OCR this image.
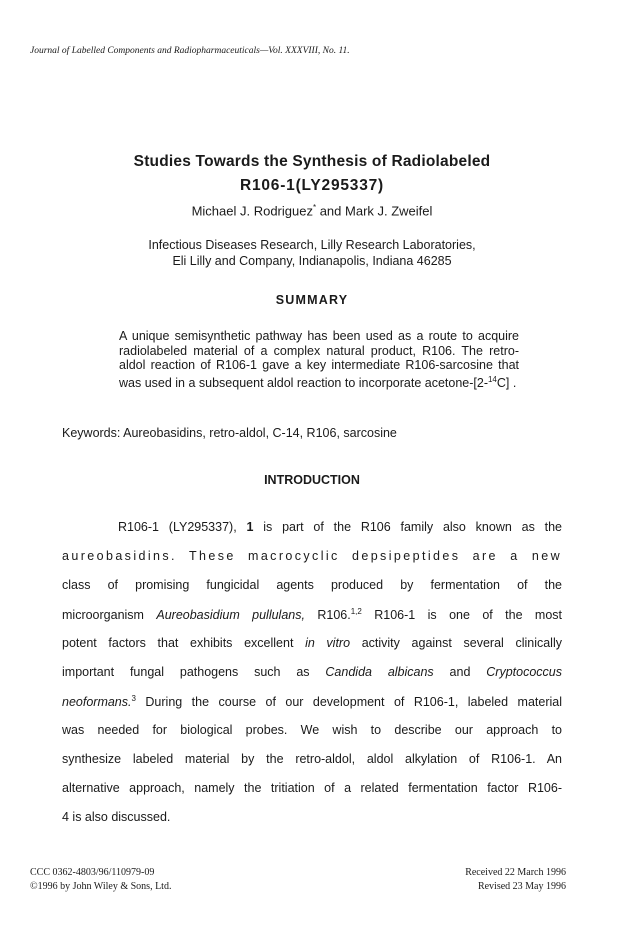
Journal of Labelled Components and Radiopharmaceuticals—Vol. XXXVIII, No. 11.
Studies Towards the Synthesis of Radiolabeled
R106-1(LY295337)
Michael J. Rodriguez* and Mark J. Zweifel
Infectious Diseases Research, Lilly Research Laboratories,
Eli Lilly and Company, Indianapolis, Indiana 46285
SUMMARY
A unique semisynthetic pathway has been used as a route to acquire radiolabeled material of a complex natural product, R106. The retro-aldol reaction of R106-1 gave a key intermediate R106-sarcosine that was used in a subsequent aldol reaction to incorporate acetone-[2-$^{14}$C] .
Keywords: Aureobasidins, retro-aldol, C-14, R106, sarcosine
INTRODUCTION
R106-1 (LY295337), 1 is part of the R106 family also known as the
aureobasidins. These macrocyclic depsipeptides are a new
class of promising fungicidal agents produced by fermentation of the
microorganism Aureobasidium pullulans, R106.$^{1,2}$ R106-1 is one of the most
potent factors that exhibits excellent in vitro activity against several clinically
important fungal pathogens such as Candida albicans and Cryptococcus
neoformans.$^3$ During the course of our development of R106-1, labeled material
was needed for biological probes. We wish to describe our approach to
synthesize labeled material by the retro-aldol, aldol alkylation of R106-1. An
alternative approach, namely the tritiation of a related fermentation factor R106-
4 is also discussed.
CCC 0362-4803/96/110979-09
©1996 by John Wiley & Sons, Ltd.
Received 22 March 1996
Revised 23 May 1996
